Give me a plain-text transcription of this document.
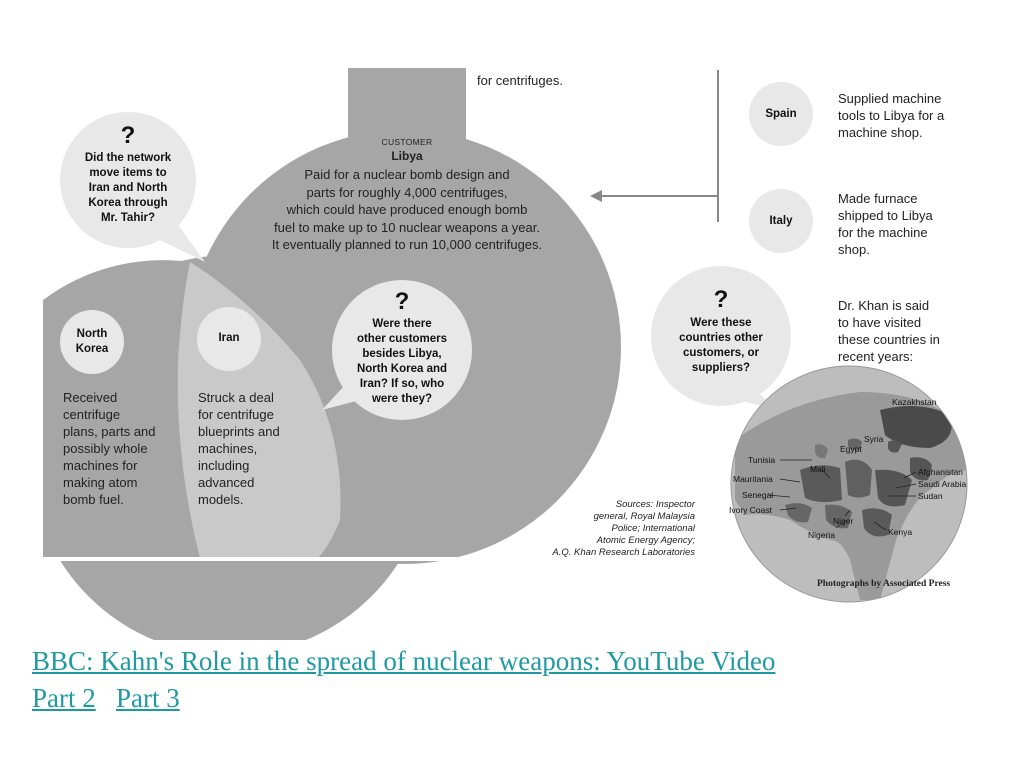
for centrifuges.
CUSTOMER
Libya
Paid for a nuclear bomb design and
parts for roughly 4,000 centrifuges,
which could have produced enough bomb
fuel to make up to 10 nuclear weapons a year.
It eventually planned to run 10,000 centrifuges.
?
Did the network
move items to
Iran and North
Korea through
Mr. Tahir?
?
Were there
other customers
besides Libya,
North Korea and
Iran? If so, who
were they?
?
Were these
countries other
customers, or
suppliers?
North
Korea
Received
centrifuge
plans, parts and
possibly whole
machines for
making atom
bomb fuel.
Iran
Struck a deal
for centrifuge
blueprints and
machines,
including
advanced
models.
Spain
Supplied machine
tools to Libya for a
machine shop.
Italy
Made furnace
shipped to Libya
for the machine
shop.
Dr. Khan is said
to have visited
these countries in
recent years:
Kazakhstan
Syria
Egypt
Tunisia
Mali
Mauritania
Senegal
Ivory Coast
Niger
Nigeria
Afghanistan
Saudi Arabia
Sudan
Kenya
Sources: Inspector
general, Royal Malaysia
Police; International
Atomic Energy Agency;
A.Q. Khan Research Laboratories
Photographs by Associated Press
BBC: Kahn's Role in the spread of nuclear weapons: YouTube Video
Part 2 Part 3
